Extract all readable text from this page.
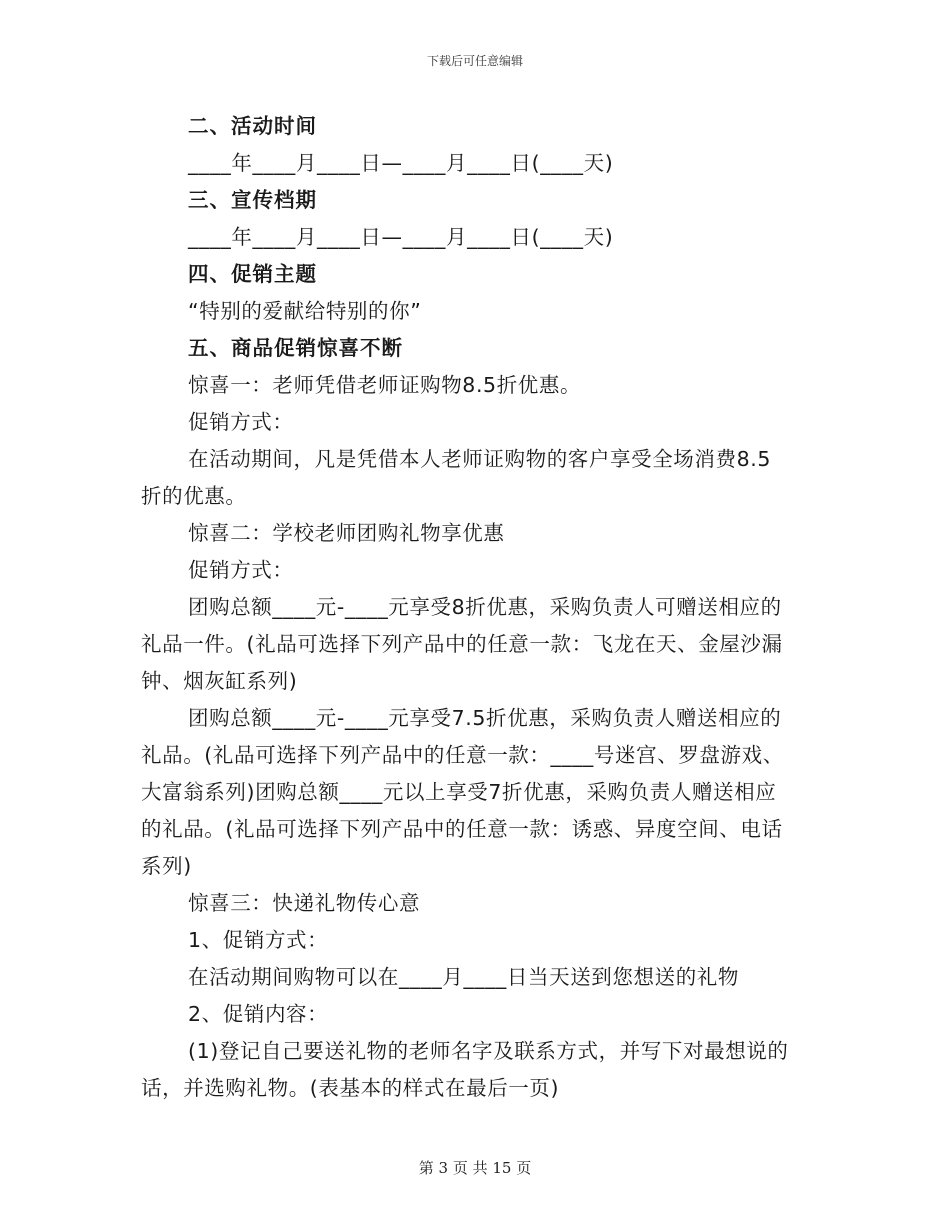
下载后可任意编辑
二、活动时间
____年____月____日—____月____日(____天)
三、宣传档期
____年____月____日—____月____日(____天)
四、促销主题
“特别的爱献给特别的你”
五、商品促销惊喜不断
惊喜一：老师凭借老师证购物8.5折优惠。
促销方式：
在活动期间，凡是凭借本人老师证购物的客户享受全场消费8.5
折的优惠。
惊喜二：学校老师团购礼物享优惠
促销方式：
团购总额____元-____元享受8折优惠，采购负责人可赠送相应的
礼品一件。(礼品可选择下列产品中的任意一款：飞龙在天、金屋沙漏
钟、烟灰缸系列)
团购总额____元-____元享受7.5折优惠，采购负责人赠送相应的
礼品。(礼品可选择下列产品中的任意一款：____号迷宫、罗盘游戏、
大富翁系列)团购总额____元以上享受7折优惠，采购负责人赠送相应
的礼品。(礼品可选择下列产品中的任意一款：诱惑、异度空间、电话
系列)
惊喜三：快递礼物传心意
1、促销方式：
在活动期间购物可以在____月____日当天送到您想送的礼物
2、促销内容：
(1)登记自己要送礼物的老师名字及联系方式，并写下对最想说的
话，并选购礼物。(表基本的样式在最后一页)
第 3 页 共 15 页
